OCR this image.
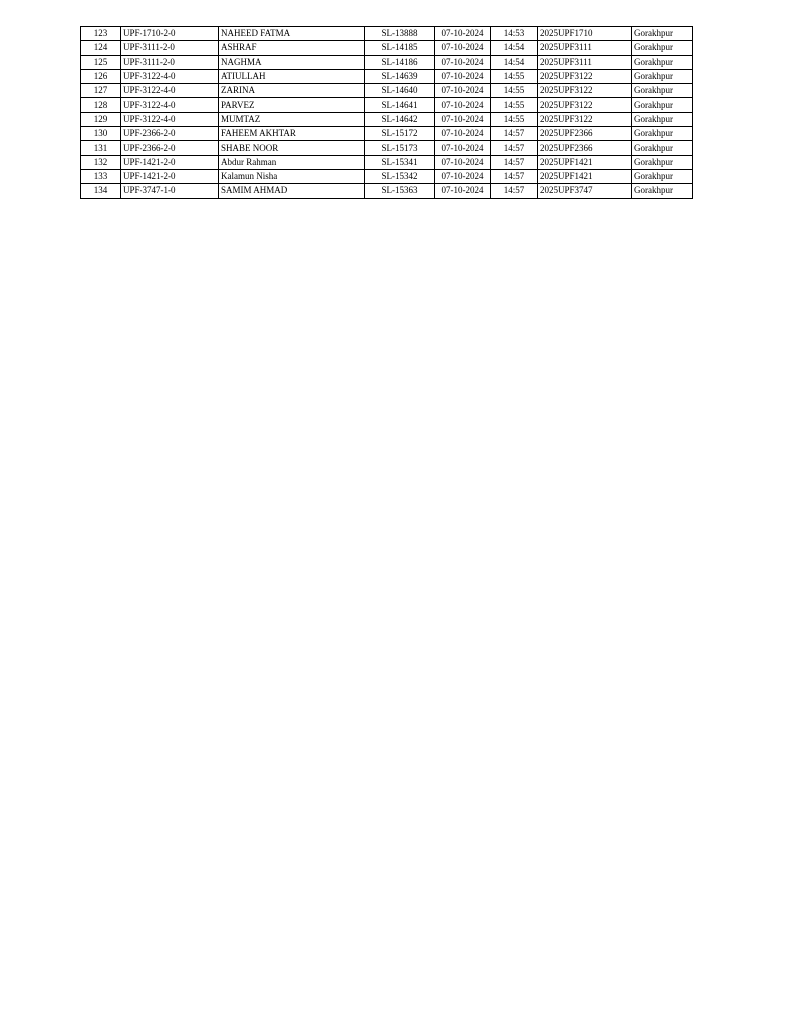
123	UPF-1710-2-0	NAHEED FATMA	SL-13888	07-10-2024	14:53	2025UPF1710	Gorakhpur
124	UPF-3111-2-0	ASHRAF	SL-14185	07-10-2024	14:54	2025UPF3111	Gorakhpur
125	UPF-3111-2-0	NAGHMA	SL-14186	07-10-2024	14:54	2025UPF3111	Gorakhpur
126	UPF-3122-4-0	ATIULLAH	SL-14639	07-10-2024	14:55	2025UPF3122	Gorakhpur
127	UPF-3122-4-0	ZARINA	SL-14640	07-10-2024	14:55	2025UPF3122	Gorakhpur
128	UPF-3122-4-0	PARVEZ	SL-14641	07-10-2024	14:55	2025UPF3122	Gorakhpur
129	UPF-3122-4-0	MUMTAZ	SL-14642	07-10-2024	14:55	2025UPF3122	Gorakhpur
130	UPF-2366-2-0	FAHEEM AKHTAR	SL-15172	07-10-2024	14:57	2025UPF2366	Gorakhpur
131	UPF-2366-2-0	SHABE NOOR	SL-15173	07-10-2024	14:57	2025UPF2366	Gorakhpur
132	UPF-1421-2-0	Abdur Rahman	SL-15341	07-10-2024	14:57	2025UPF1421	Gorakhpur
133	UPF-1421-2-0	Kalamun Nisha	SL-15342	07-10-2024	14:57	2025UPF1421	Gorakhpur
134	UPF-3747-1-0	SAMIM AHMAD	SL-15363	07-10-2024	14:57	2025UPF3747	Gorakhpur
